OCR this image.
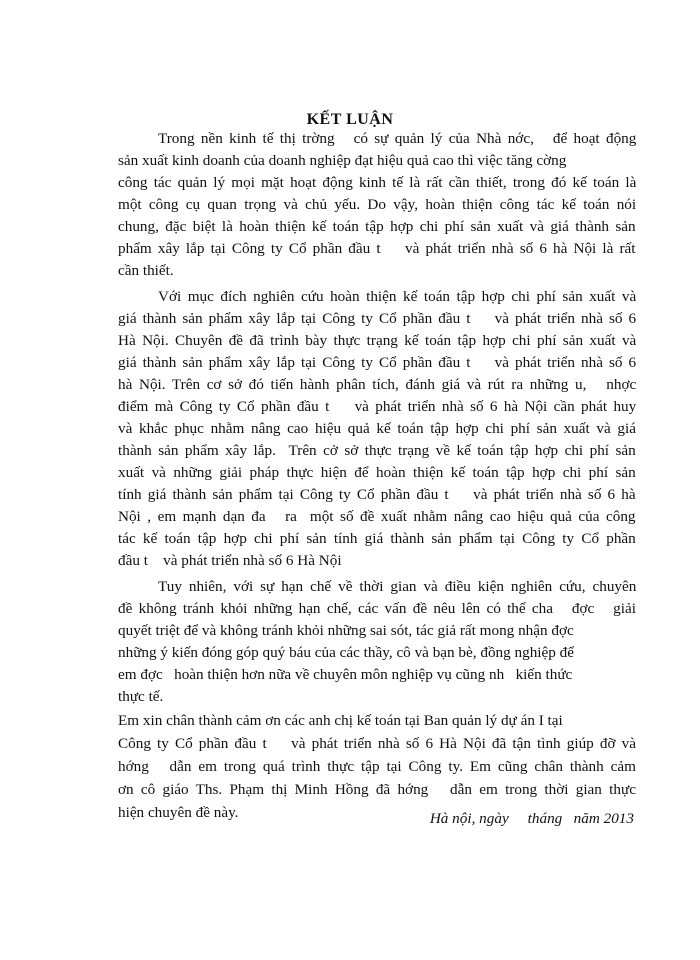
KẾT LUẬN
Trong nền kinh tế thị trờng   có sự quản lý của Nhà nớc,   để hoạt động
sản xuất kinh doanh của doanh nghiệp đạt hiệu quả cao thì việc tăng cờng
công tác quản lý mọi mặt hoạt động kinh tế là rất cần thiết, trong đó kế toán là
một công cụ quan trọng và chủ yếu. Do vậy, hoàn thiện công tác kế toán nói
chung, đặc biệt là hoàn thiện kế toán tập hợp chi phí sản xuất và giá thành sản
phẩm xây lắp tại Công ty Cổ phần đầu t    và phát triển nhà số 6 hà Nội là rất
cần thiết.
Với mục đích nghiên cứu hoàn thiện kế toán tập hợp chi phí sản xuất và
giá thành sản phẩm xây lắp tại Công ty Cổ phần đầu t    và phát triển nhà số 6
Hà Nội. Chuyên đề đã trình bày thực trạng kế toán tập hợp chi phí sản xuất và
giá thành sản phẩm xây lắp tại Công ty Cổ phần đầu t    và phát triển nhà số 6
hà Nội. Trên cơ sở đó tiến hành phân tích, đánh giá và rút ra những u,   nhợc
điểm mà Công ty Cổ phần đầu t    và phát triển nhà số 6 hà Nội cần phát huy
và khắc phục nhằm nâng cao hiệu quả kế toán tập hợp chi phí sản xuất và giá
thành sản phẩm xây lắp.  Trên cở sở thực trạng về kế toán tập hợp chi phí sản
xuất và những giải pháp thực hiện để hoàn thiện kế toán tập hợp chi phí sản
tính giá thành sản phẩm tại Công ty Cổ phần đầu t    và phát triển nhà số 6 hà
Nội , em mạnh dạn đa   ra  một số đề xuất nhằm nâng cao hiệu quả của công
tác kế toán tập hợp chi phí sản tính giá thành sản phẩm tại Công ty Cổ phần
đầu t    và phát triển nhà số 6 Hà Nội
Tuy nhiên, với sự hạn chế về thời gian và điều kiện nghiên cứu, chuyên
đề không tránh khỏi những hạn chế, các vấn đề nêu lên có thể cha   đợc   giải
quyết triệt để và không tránh khỏi những sai sót, tác giả rất mong nhận đợc
những ý kiến đóng góp quý báu của các thầy, cô và bạn bè, đồng nghiệp để
em đợc   hoàn thiện hơn nữa về chuyên môn nghiệp vụ cũng nh   kiến thức
thực tế.
Em xin chân thành cảm ơn các anh chị kế toán tại Ban quản lý dự án I tại
Công ty Cổ phần đầu t    và phát triển nhà số 6 Hà Nội đã tận tình giúp đỡ và
hớng   dẫn em trong quá trình thực tập tại Công ty. Em cũng chân thành cảm
ơn cô giáo Ths. Phạm thị Minh Hồng đã hớng   dẫn em trong thời gian thực
hiện chuyên đề này.	Hà nội, ngày     tháng   năm 2013
